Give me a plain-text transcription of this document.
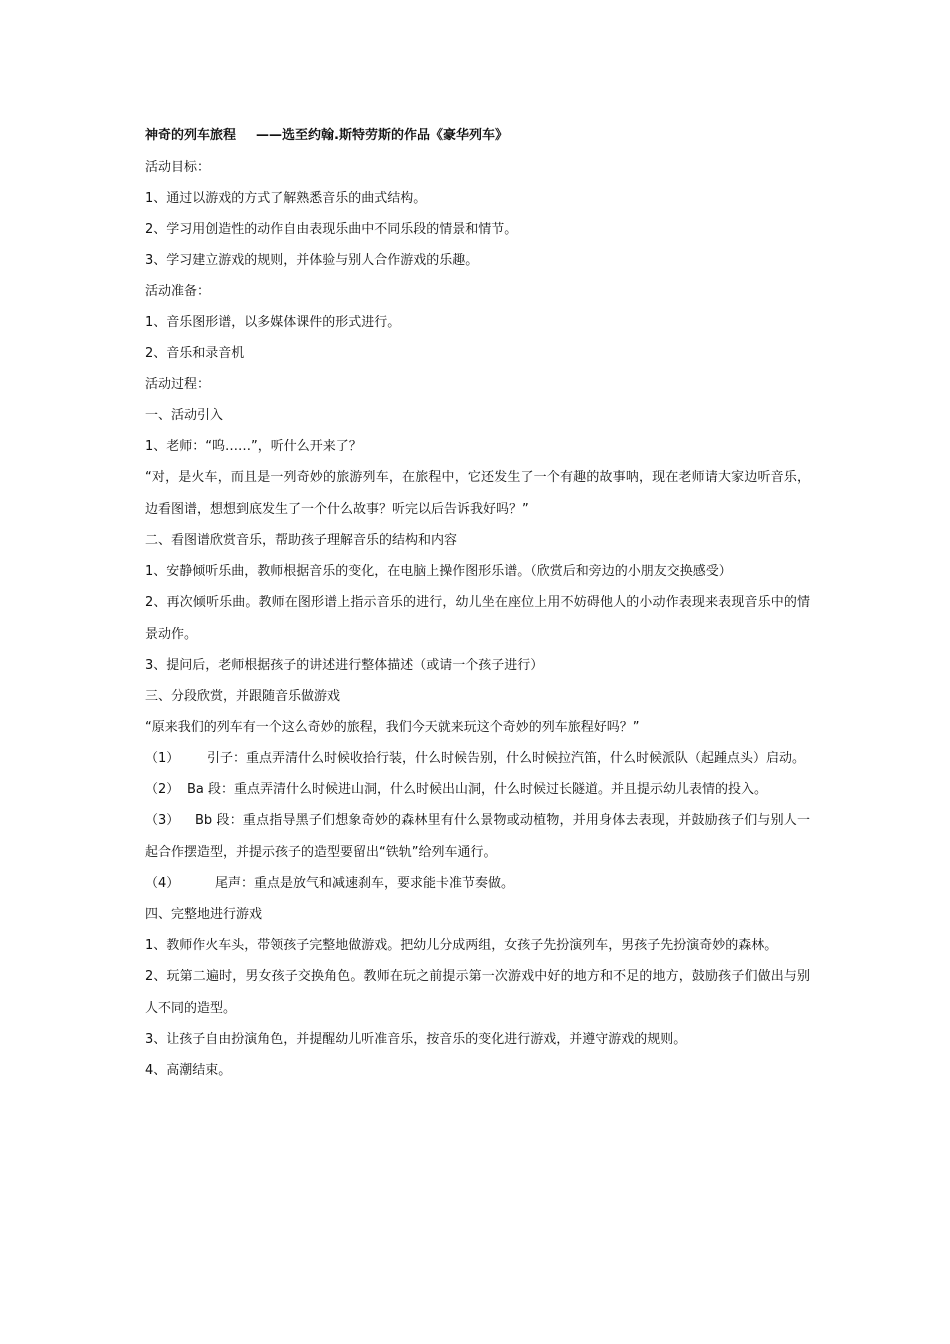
神奇的列车旅程 ——选至约翰.斯特劳斯的作品《豪华列车》
活动目标：
1、通过以游戏的方式了解熟悉音乐的曲式结构。
2、学习用创造性的动作自由表现乐曲中不同乐段的情景和情节。
3、学习建立游戏的规则，并体验与别人合作游戏的乐趣。
活动准备：
1、音乐图形谱，以多媒体课件的形式进行。
2、音乐和录音机
活动过程：
一、活动引入
1、老师：“呜……”，听什么开来了？
“对，是火车，而且是一列奇妙的旅游列车，在旅程中，它还发生了一个有趣的故事呐，现在老师请大家边听音乐，边看图谱，想想到底发生了一个什么故事？听完以后告诉我好吗？”
二、看图谱欣赏音乐，帮助孩子理解音乐的结构和内容
1、安静倾听乐曲，教师根据音乐的变化，在电脑上操作图形乐谱。（欣赏后和旁边的小朋友交换感受）
2、再次倾听乐曲。教师在图形谱上指示音乐的进行，幼儿坐在座位上用不妨碍他人的小动作表现来表现音乐中的情景动作。
3、提问后，老师根据孩子的讲述进行整体描述（或请一个孩子进行）
三、分段欣赏，并跟随音乐做游戏
“原来我们的列车有一个这么奇妙的旅程，我们今天就来玩这个奇妙的列车旅程好吗？”
（1） 引子：重点弄清什么时候收拾行装，什么时候告别，什么时候拉汽笛，什么时候派队（起踵点头）启动。
（2） Ba 段：重点弄清什么时候进山洞，什么时候出山洞，什么时候过长隧道。并且提示幼儿表情的投入。
（3） Bb 段：重点指导黑子们想象奇妙的森林里有什么景物或动植物，并用身体去表现，并鼓励孩子们与别人一起合作摆造型，并提示孩子的造型要留出“铁轨”给列车通行。
（4）	尾声：重点是放气和减速刹车，要求能卡准节奏做。
四、完整地进行游戏
1、教师作火车头，带领孩子完整地做游戏。把幼儿分成两组，女孩子先扮演列车，男孩子先扮演奇妙的森林。
2、玩第二遍时，男女孩子交换角色。教师在玩之前提示第一次游戏中好的地方和不足的地方，鼓励孩子们做出与别人不同的造型。
3、让孩子自由扮演角色，并提醒幼儿听准音乐，按音乐的变化进行游戏，并遵守游戏的规则。
4、高潮结束。
